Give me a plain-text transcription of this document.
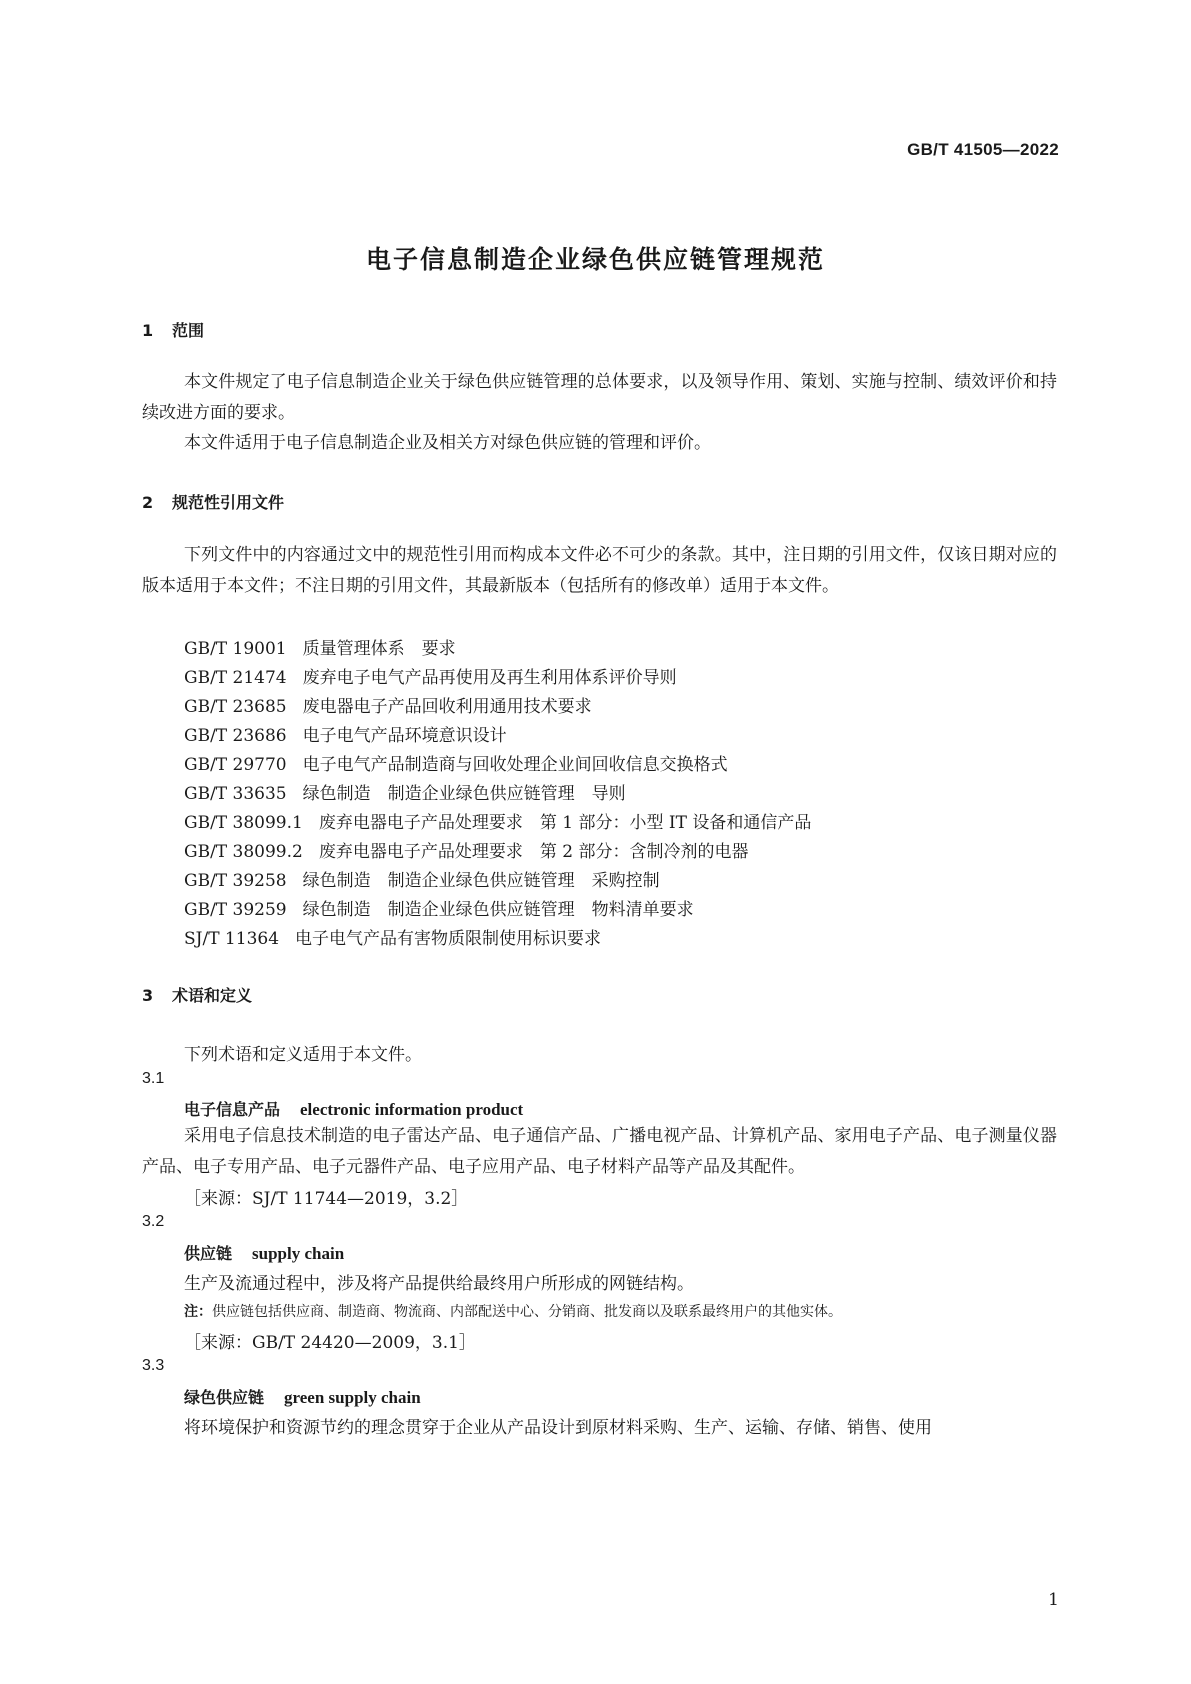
GB/T 41505—2022
电子信息制造企业绿色供应链管理规范
1 范围
本文件规定了电子信息制造企业关于绿色供应链管理的总体要求，以及领导作用、策划、实施与控制、绩效评价和持续改进方面的要求。
本文件适用于电子信息制造企业及相关方对绿色供应链的管理和评价。
2 规范性引用文件
下列文件中的内容通过文中的规范性引用而构成本文件必不可少的条款。其中，注日期的引用文件，仅该日期对应的版本适用于本文件；不注日期的引用文件，其最新版本（包括所有的修改单）适用于本文件。
GB/T 19001 质量管理体系　要求
GB/T 21474 废弃电子电气产品再使用及再生利用体系评价导则
GB/T 23685 废电器电子产品回收利用通用技术要求
GB/T 23686 电子电气产品环境意识设计
GB/T 29770 电子电气产品制造商与回收处理企业间回收信息交换格式
GB/T 33635 绿色制造　制造企业绿色供应链管理　导则
GB/T 38099.1 废弃电器电子产品处理要求　第 1 部分：小型 IT 设备和通信产品
GB/T 38099.2 废弃电器电子产品处理要求　第 2 部分：含制冷剂的电器
GB/T 39258 绿色制造　制造企业绿色供应链管理　采购控制
GB/T 39259 绿色制造　制造企业绿色供应链管理　物料清单要求
SJ/T 11364 电子电气产品有害物质限制使用标识要求
3 术语和定义
下列术语和定义适用于本文件。
3.1
电子信息产品 electronic information product
采用电子信息技术制造的电子雷达产品、电子通信产品、广播电视产品、计算机产品、家用电子产品、电子测量仪器产品、电子专用产品、电子元器件产品、电子应用产品、电子材料产品等产品及其配件。
［来源：SJ/T 11744—2019，3.2］
3.2
供应链 supply chain
生产及流通过程中，涉及将产品提供给最终用户所形成的网链结构。
注：供应链包括供应商、制造商、物流商、内部配送中心、分销商、批发商以及联系最终用户的其他实体。
［来源：GB/T 24420—2009，3.1］
3.3
绿色供应链 green supply chain
将环境保护和资源节约的理念贯穿于企业从产品设计到原材料采购、生产、运输、存储、销售、使用
1
